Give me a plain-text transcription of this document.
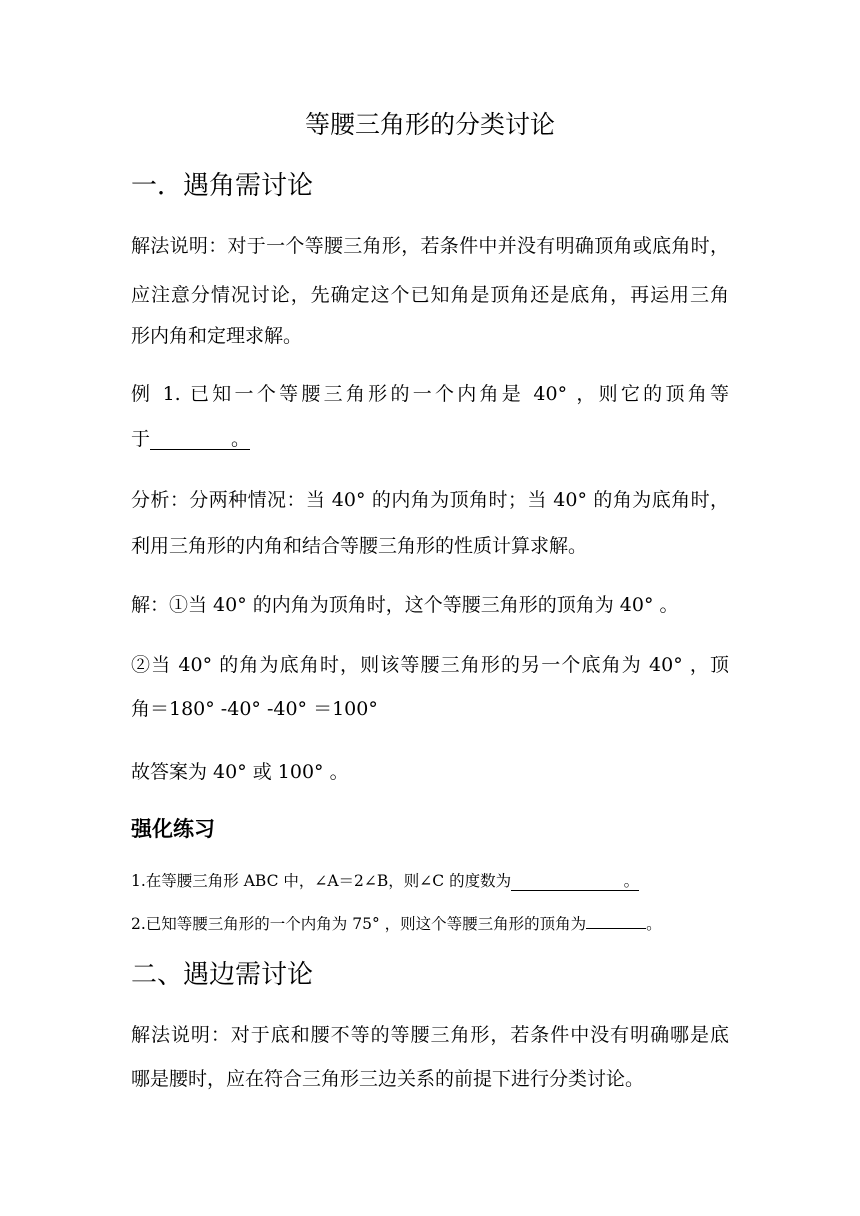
等腰三角形的分类讨论
一．遇角需讨论
解法说明：对于一个等腰三角形，若条件中并没有明确顶角或底角时，
应注意分情况讨论，先确定这个已知角是顶角还是底角，再运用三角
形内角和定理求解。
例 1. 已知一个等腰三角形的一个内角是 40° ，则它的顶角等
于	。
分析：分两种情况：当 40° 的内角为顶角时；当 40° 的角为底角时，
利用三角形的内角和结合等腰三角形的性质计算求解。
解：①当 40° 的内角为顶角时，这个等腰三角形的顶角为 40° 。
②当 40° 的角为底角时，则该等腰三角形的另一个底角为 40° ，顶
角＝180° -40° -40° ＝100°
故答案为 40° 或 100° 。
强化练习
1.在等腰三角形 ABC 中，∠A＝2∠B，则∠C 的度数为	。
2.已知等腰三角形的一个内角为 75° ，则这个等腰三角形的顶角为	。
二、遇边需讨论
解法说明：对于底和腰不等的等腰三角形，若条件中没有明确哪是底
哪是腰时，应在符合三角形三边关系的前提下进行分类讨论。
